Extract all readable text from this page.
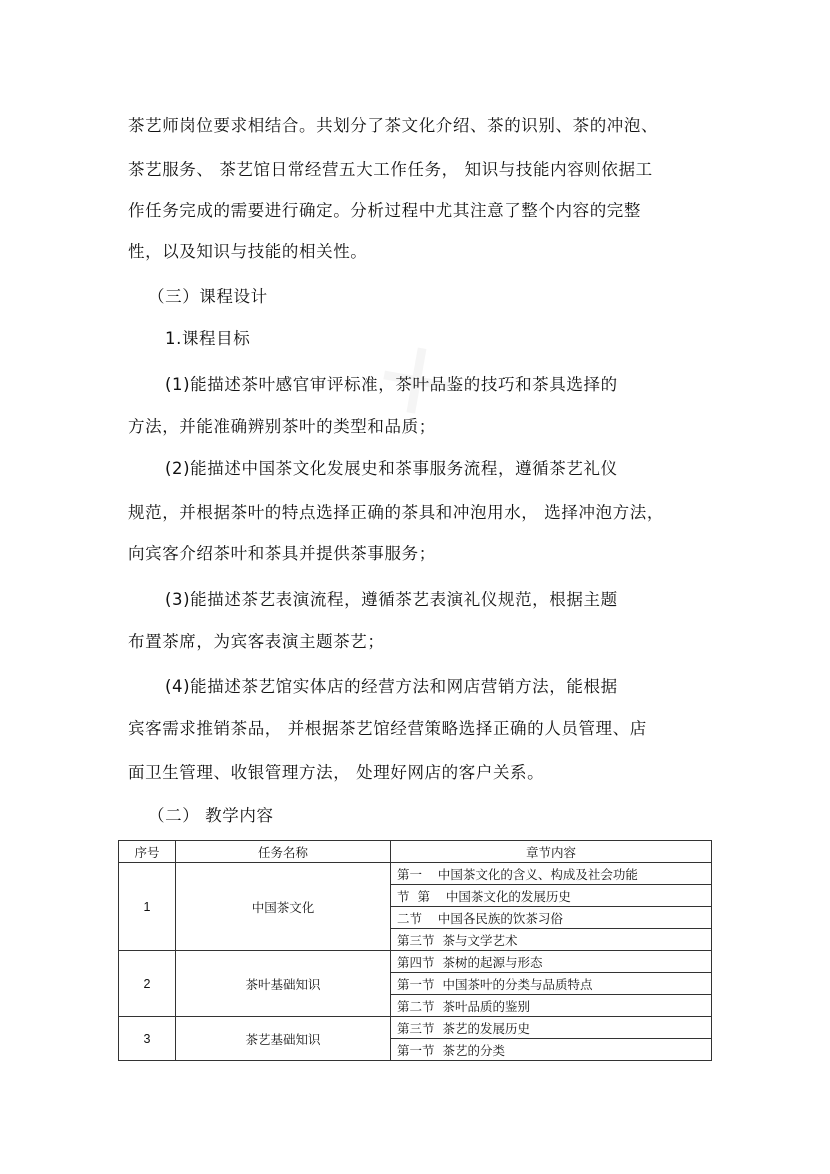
茶艺师岗位要求相结合。共划分了茶文化介绍、茶的识别、茶的冲泡、
茶艺服务、 茶艺馆日常经营五大工作任务， 知识与技能内容则依据工
作任务完成的需要进行确定。分析过程中尤其注意了整个内容的完整
性，以及知识与技能的相关性。
（三）课程设计
1.课程目标
(1)能描述茶叶感官审评标准，茶叶品鉴的技巧和茶具选择的
方法，并能准确辨别茶叶的类型和品质；
(2)能描述中国茶文化发展史和茶事服务流程，遵循茶艺礼仪
规范，并根据茶叶的特点选择正确的茶具和冲泡用水， 选择冲泡方法，
向宾客介绍茶叶和茶具并提供茶事服务；
(3)能描述茶艺表演流程，遵循茶艺表演礼仪规范，根据主题
布置茶席，为宾客表演主题茶艺；
(4)能描述茶艺馆实体店的经营方法和网店营销方法，能根据
宾客需求推销茶品， 并根据茶艺馆经营策略选择正确的人员管理、店
面卫生管理、收银管理方法， 处理好网店的客户关系。
（二） 教学内容
序号	任务名称	章节内容
1	中国茶文化	第一    中国茶文化的含义、构成及社会功能
		节  第    中国茶文化的发展历史
		二节    中国各民族的饮茶习俗
		第三节  茶与文学艺术
2	茶叶基础知识	第四节  茶树的起源与形态
		第一节  中国茶叶的分类与品质特点
		第二节  茶叶品质的鉴别
3	茶艺基础知识	第三节  茶艺的发展历史
		第一节  茶艺的分类
